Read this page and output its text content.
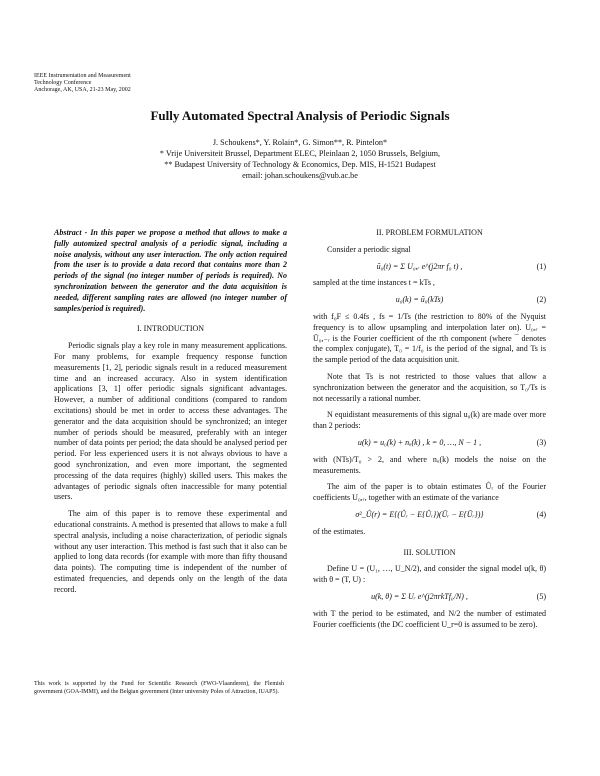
IEEE Instrumentation and Measurement
Technology Conference
Anchorage, AK, USA, 21-23 May, 2002
Fully Automated Spectral Analysis of Periodic Signals
J. Schoukens*, Y. Rolain*, G. Simon**, R. Pintelon*
* Vrije Universiteit Brussel, Department ELEC, Pleinlaan 2, 1050 Brussels, Belgium,
** Budapest University of Technology & Economics, Dep. MIS, H-1521 Budapest
email: johan.schoukens@vub.ac.be

Abstract - In this paper we propose a method that allows to make a fully automized spectral analysis of a periodic signal, including a noise analysis, without any user interaction. The only action required from the user is to provide a data record that contains more than 2 periods of the signal (no integer number of periods is required). No synchronization between the generator and the data acquisition is needed, different sampling rates are allowed (no integer number of samples/period is required).

I. INTRODUCTION

Periodic signals play a key role in many measurement applications. For many problems, for example frequency response function measurements [1, 2], periodic signals result in a reduced measurement time and an increased accuracy. Also in system identification applications [3, 1] offer periodic signals significant advantages. However, a number of additional conditions (compared to random excitations) should be met in order to access these advantages. The generator and the data acquisition should be synchronized; an integer number of periods should be measured, preferably with an integer number of data points per period; the data should be analysed period per period. For less experienced users it is not always obvious to have a good synchronization, and even more important, the segmented processing of the data requires (highly) skilled users. This makes the advantages of periodic signals often inaccessible for many potential users.

The aim of this paper is to remove these experimental and educational constraints. A method is presented that allows to make a full spectral analysis, including a noise characterization, of periodic signals without any user interaction. This method is fast such that it also can be applied to long data records (for example with more than fifty thousand data points). The computing time is independent of the number of estimated frequencies, and depends only on the length of the data record.

This work is supported by the Fund for Scientific Research (FWO-Vlaanderen), the Flemish government (GOA-IMMI), and the Belgian government (Inter university Poles of Attraction, IUAP5).
II. PROBLEM FORMULATION

Consider a periodic signal

ũ₀(t) = Σ U₀,ᵣ e^(j2πr f₀ t) ,	(1)

sampled at the time instances t = kTs ,

u₀(k) = ũ₀(kTs)	(2)

with f₀F ≤ 0.4fs , fs = 1/Ts (the restriction to 80% of the Nyquist frequency is to allow upsampling and interpolation later on). U₀,ᵣ = Ū₀,₋ᵣ is the Fourier coefficient of the rth component (where ¯ denotes the complex conjugate), T₀ = 1/f₀ is the period of the signal, and Ts is the sample period of the data acquisition unit.

Note that Ts is not restricted to those values that allow a synchronization between the generator and the acquisition, so T₀/Ts is not necessarily a rational number.

N equidistant measurements of this signal u₀(k) are made over more than 2 periods:

u(k) = u₀(k) + nᵤ(k) , k = 0, …, N − 1 ,	(3)

with (NTs)/T₀ > 2, and where nᵤ(k) models the noise on the measurements.

The aim of the paper is to obtain estimates Ûᵣ of the Fourier coefficients U₀,ᵣ, together with an estimate of the variance

σ²_Û(r) = E{(Ûᵣ − E{Ûᵣ})(Ūᵣ − E{Ūᵣ})}	(4)

of the estimates.

III. SOLUTION

Define U = (U₁, …, U_N/2), and consider the signal model u(k, θ) with θ = (T, U) :

u(k, θ) = Σ Uᵣ e^(j2πrkTf₀/N) ,	(5)

with T the period to be estimated, and N/2 the number of estimated Fourier coefficients (the DC coefficient U_r=0 is assumed to be zero).
